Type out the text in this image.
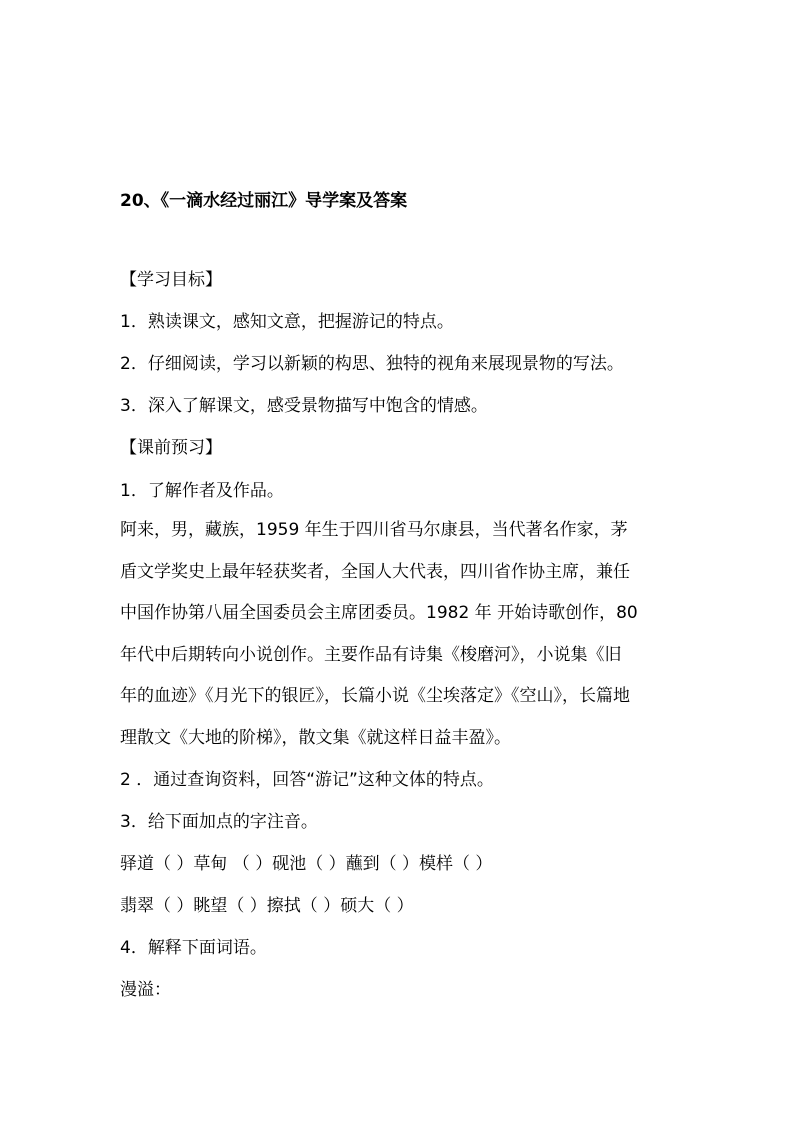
20、《一滴水经过丽江》导学案及答案
【学习目标】
1．熟读课文，感知文意，把握游记的特点。
2．仔细阅读，学习以新颖的构思、独特的视角来展现景物的写法。
3．深入了解课文，感受景物描写中饱含的情感。
【课前预习】
1．了解作者及作品。
阿来，男，藏族，1959 年生于四川省马尔康县，当代著名作家，茅
盾文学奖史上最年轻获奖者，全国人大代表，四川省作协主席，兼任
中国作协第八届全国委员会主席团委员。1982 年 开始诗歌创作，80
年代中后期转向小说创作。主要作品有诗集《梭磨河》，小说集《旧
年的血迹》《月光下的银匠》，长篇小说《尘埃落定》《空山》，长篇地
理散文《大地的阶梯》，散文集《就这样日益丰盈》。
2 ．通过查询资料，回答“游记”这种文体的特点。
3．给下面加点的字注音。
驿道（ ）草甸 （ ）砚池（ ）蘸到（ ）模样（ ）
翡翠（ ）眺望（ ）擦拭（ ）硕大（ ）
4．解释下面词语。
漫溢：
